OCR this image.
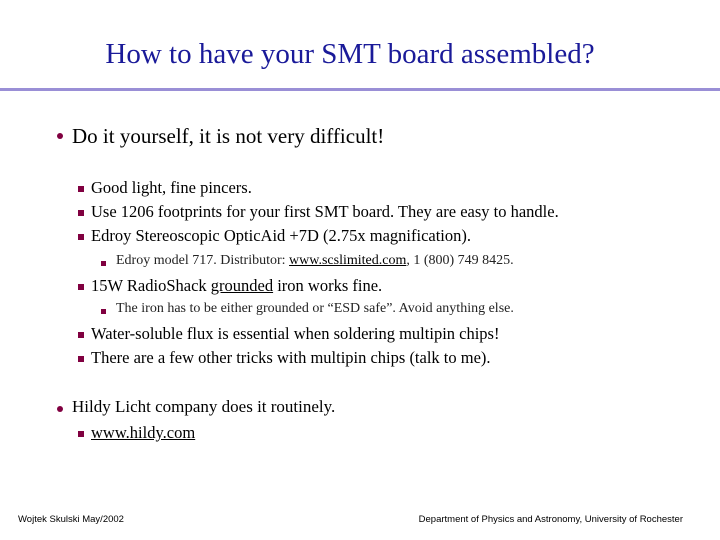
How to have your SMT board assembled?
Do it yourself, it is not very difficult!
Good light, fine pincers.
Use 1206 footprints for your first SMT board. They are easy to handle.
Edroy Stereoscopic OpticAid +7D (2.75x magnification).
Edroy model 717. Distributor: www.scslimited.com, 1 (800) 749 8425.
15W RadioShack grounded iron works fine.
The iron has to be either grounded or “ESD safe”. Avoid anything else.
Water-soluble flux is essential when soldering multipin chips!
There are a few other tricks with multipin chips (talk to me).
Hildy Licht company does it routinely.
www.hildy.com
Wojtek Skulski May/2002	Department of Physics and Astronomy, University of Rochester
